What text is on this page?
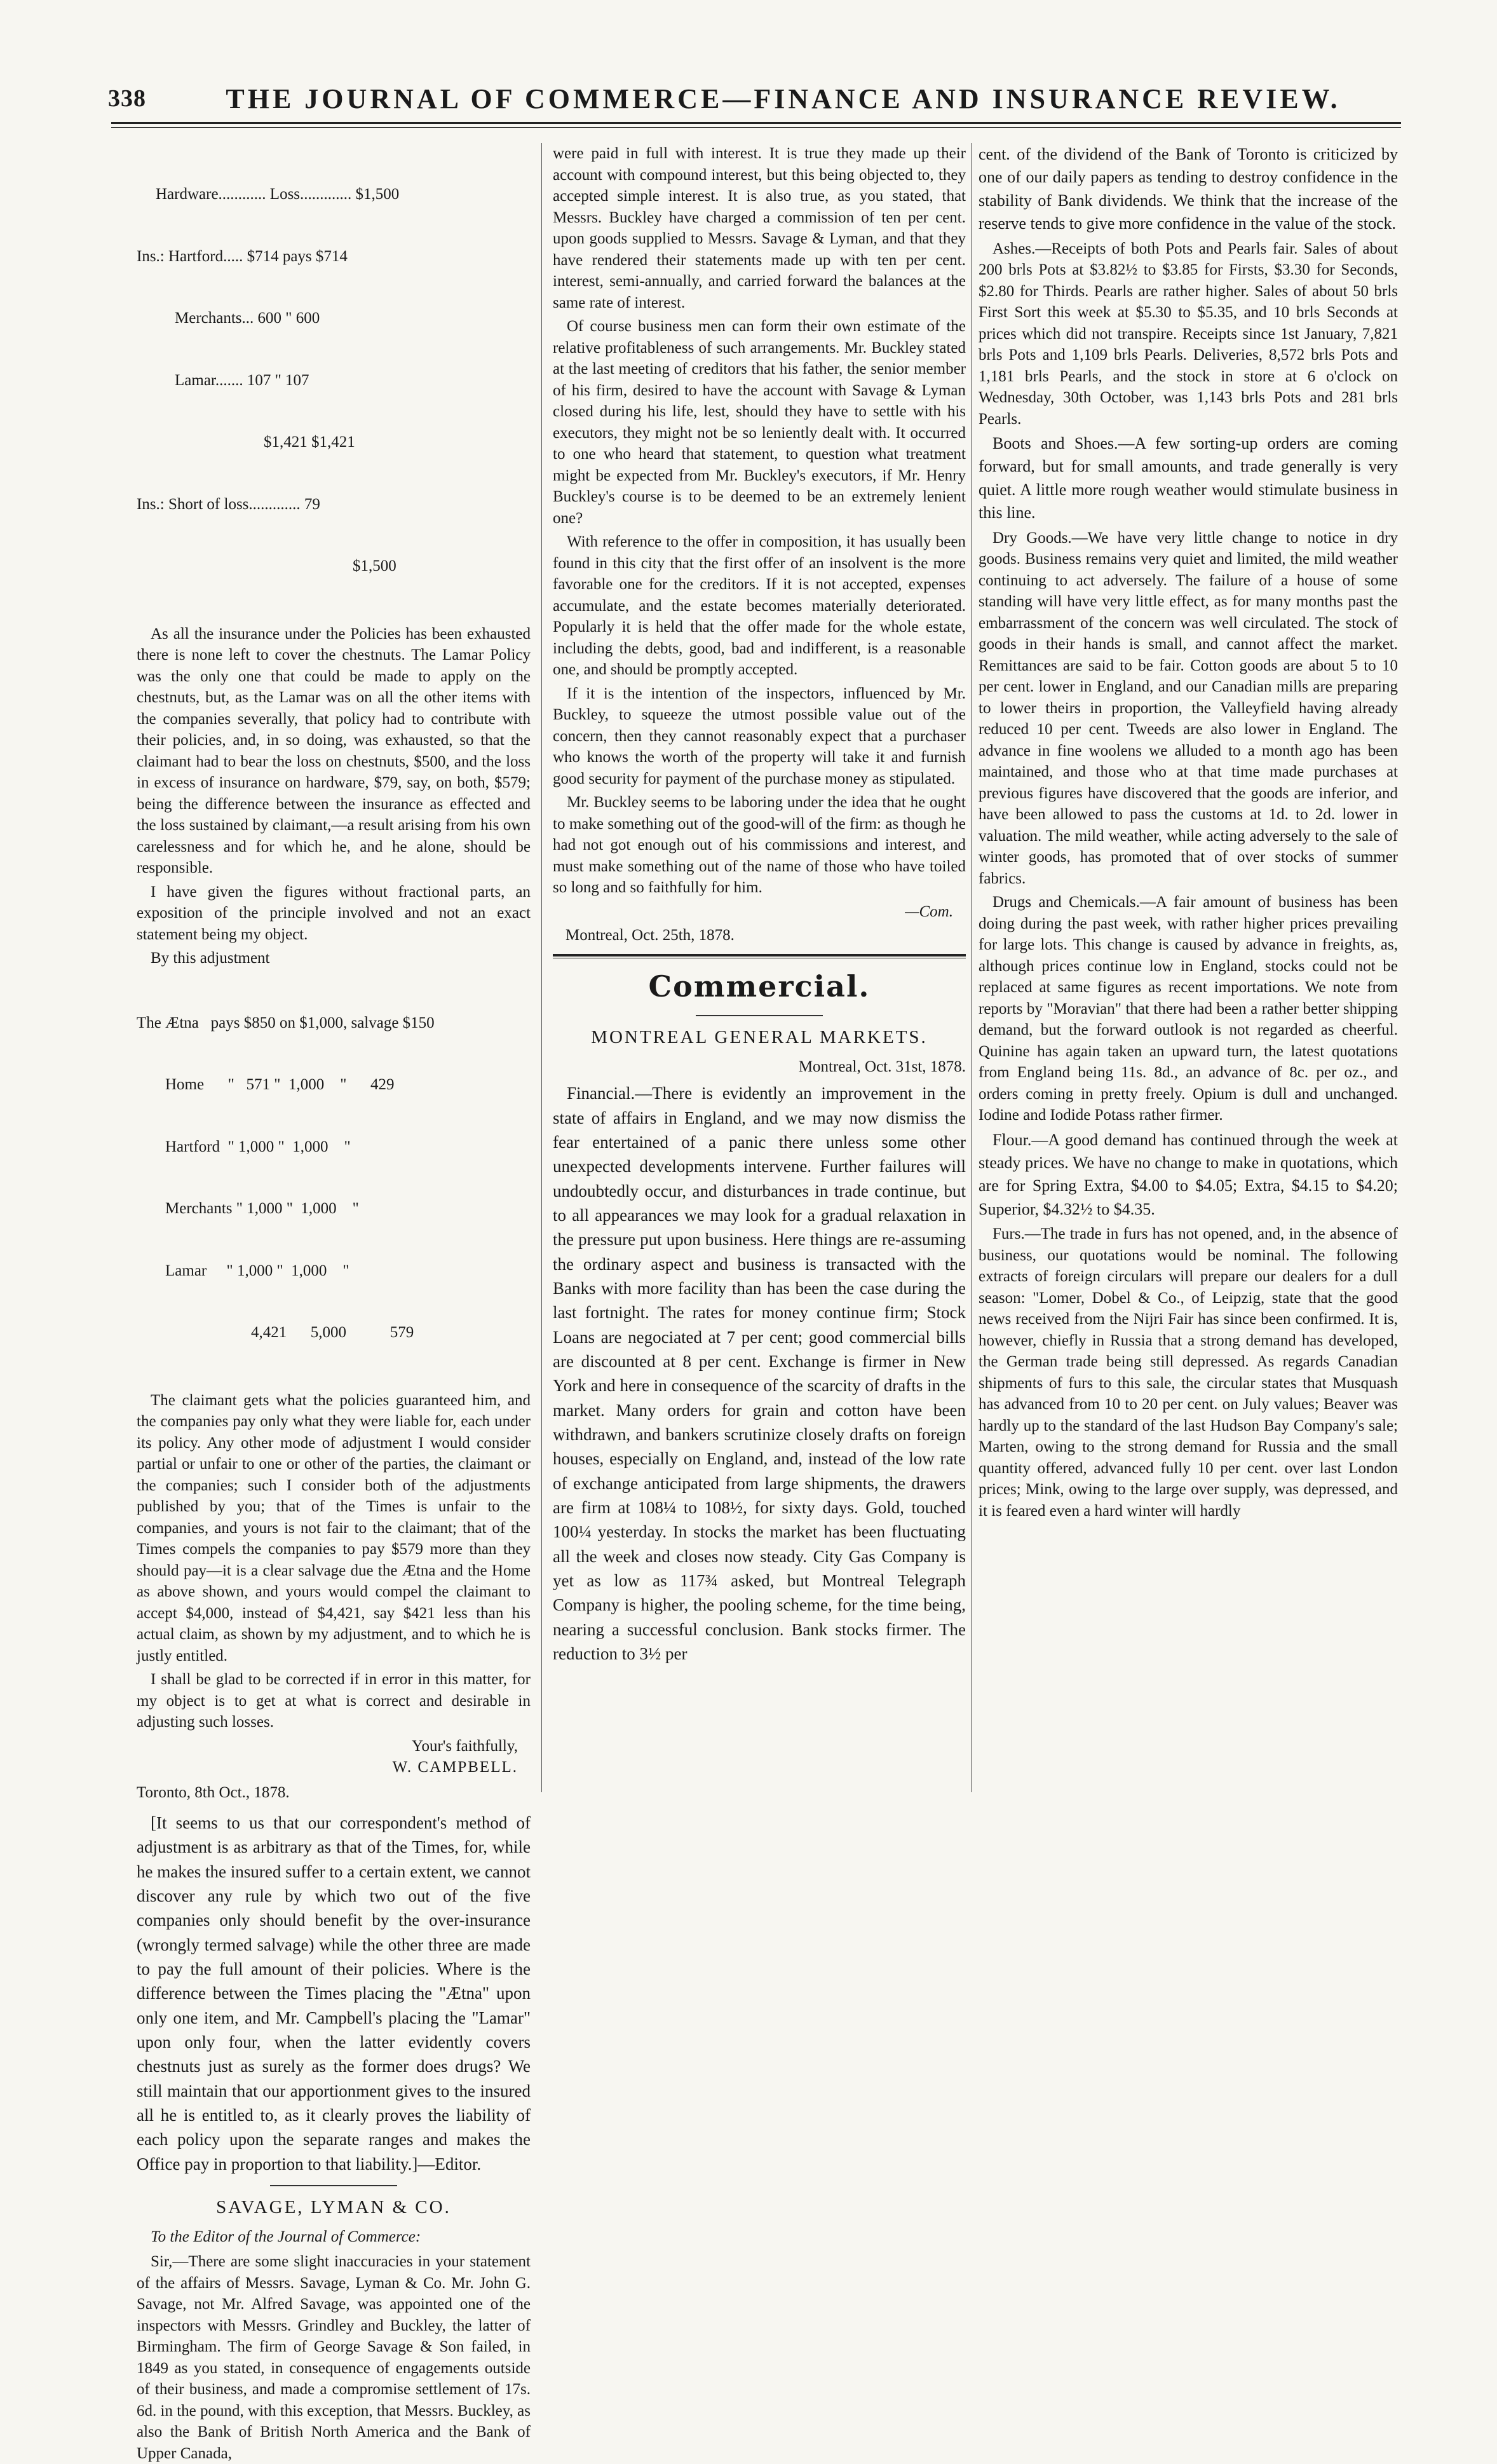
338	THE JOURNAL OF COMMERCE—FINANCE AND INSURANCE REVIEW.

Hardware............ Loss............. $1,500

Ins.: Hartford..... $714 pays $714

Merchants... 600 " 600

Lamar....... 107 " 107

$1,421 $1,421

Ins.: Short of loss............. 79

$1,500

As all the insurance under the Policies has been exhausted there is none left to cover the chestnuts. The Lamar Policy was the only one that could be made to apply on the chestnuts, but, as the Lamar was on all the other items with the companies severally, that policy had to contribute with their policies, and, in so doing, was exhausted, so that the claimant had to bear the loss on chestnuts, $500, and the loss in excess of insurance on hardware, $79, say, on both, $579; being the difference between the insurance as effected and the loss sustained by claimant,—a result arising from his own carelessness and for which he, and he alone, should be responsible.

I have given the figures without fractional parts, an exposition of the principle involved and not an exact statement being my object.

By this adjustment

The Ætna   pays $850 on $1,000, salvage $150

Home      "   571 "  1,000    "      429

Hartford  " 1,000 "  1,000    "

Merchants " 1,000 "  1,000    "

Lamar     " 1,000 "  1,000    "

4,421      5,000           579

The claimant gets what the policies guaranteed him, and the companies pay only what they were liable for, each under its policy. Any other mode of adjustment I would consider partial or unfair to one or other of the parties, the claimant or the companies; such I consider both of the adjustments published by you; that of the Times is unfair to the companies, and yours is not fair to the claimant; that of the Times compels the companies to pay $579 more than they should pay—it is a clear salvage due the Ætna and the Home as above shown, and yours would compel the claimant to accept $4,000, instead of $4,421, say $421 less than his actual claim, as shown by my adjustment, and to which he is justly entitled.

I shall be glad to be corrected if in error in this matter, for my object is to get at what is correct and desirable in adjusting such losses.

Your's faithfully,
W. CAMPBELL.

Toronto, 8th Oct., 1878.

[It seems to us that our correspondent's method of adjustment is as arbitrary as that of the Times, for, while he makes the insured suffer to a certain extent, we cannot discover any rule by which two out of the five companies only should benefit by the over-insurance (wrongly termed salvage) while the other three are made to pay the full amount of their policies. Where is the difference between the Times placing the "Ætna" upon only one item, and Mr. Campbell's placing the "Lamar" upon only four, when the latter evidently covers chestnuts just as surely as the former does drugs? We still maintain that our apportionment gives to the insured all he is entitled to, as it clearly proves the liability of each policy upon the separate ranges and makes the Office pay in proportion to that liability.]—Editor.

SAVAGE, LYMAN & CO.

To the Editor of the Journal of Commerce:

Sir,—There are some slight inaccuracies in your statement of the affairs of Messrs. Savage, Lyman & Co. Mr. John G. Savage, not Mr. Alfred Savage, was appointed one of the inspectors with Messrs. Grindley and Buckley, the latter of Birmingham. The firm of George Savage & Son failed, in 1849 as you stated, in consequence of engagements outside of their business, and made a compromise settlement of 17s. 6d. in the pound, with this exception, that Messrs. Buckley, as also the Bank of British North America and the Bank of Upper Canada,

were paid in full with interest. It is true they made up their account with compound interest, but this being objected to, they accepted simple interest. It is also true, as you stated, that Messrs. Buckley have charged a commission of ten per cent. upon goods supplied to Messrs. Savage & Lyman, and that they have rendered their statements made up with ten per cent. interest, semi-annually, and carried forward the balances at the same rate of interest.

Of course business men can form their own estimate of the relative profitableness of such arrangements. Mr. Buckley stated at the last meeting of creditors that his father, the senior member of his firm, desired to have the account with Savage & Lyman closed during his life, lest, should they have to settle with his executors, they might not be so leniently dealt with. It occurred to one who heard that statement, to question what treatment might be expected from Mr. Buckley's executors, if Mr. Henry Buckley's course is to be deemed to be an extremely lenient one?

With reference to the offer in composition, it has usually been found in this city that the first offer of an insolvent is the more favorable one for the creditors. If it is not accepted, expenses accumulate, and the estate becomes materially deteriorated. Popularly it is held that the offer made for the whole estate, including the debts, good, bad and indifferent, is a reasonable one, and should be promptly accepted.

If it is the intention of the inspectors, influenced by Mr. Buckley, to squeeze the utmost possible value out of the concern, then they cannot reasonably expect that a purchaser who knows the worth of the property will take it and furnish good security for payment of the purchase money as stipulated.

Mr. Buckley seems to be laboring under the idea that he ought to make something out of the good-will of the firm: as though he had not got enough out of his commissions and interest, and must make something out of the name of those who have toiled so long and so faithfully for him.

—Com.

Montreal, Oct. 25th, 1878.

Commercial.
MONTREAL GENERAL MARKETS.
Montreal, Oct. 31st, 1878.

Financial.—There is evidently an improvement in the state of affairs in England, and we may now dismiss the fear entertained of a panic there unless some other unexpected developments intervene. Further failures will undoubtedly occur, and disturbances in trade continue, but to all appearances we may look for a gradual relaxation in the pressure put upon business. Here things are re-assuming the ordinary aspect and business is transacted with the Banks with more facility than has been the case during the last fortnight. The rates for money continue firm; Stock Loans are negociated at 7 per cent; good commercial bills are discounted at 8 per cent. Exchange is firmer in New York and here in consequence of the scarcity of drafts in the market. Many orders for grain and cotton have been withdrawn, and bankers scrutinize closely drafts on foreign houses, especially on England, and, instead of the low rate of exchange anticipated from large shipments, the drawers are firm at 108¼ to 108½, for sixty days. Gold, touched 100¼ yesterday. In stocks the market has been fluctuating all the week and closes now steady. City Gas Company is yet as low as 117¾ asked, but Montreal Telegraph Company is higher, the pooling scheme, for the time being, nearing a successful conclusion. Bank stocks firmer. The reduction to 3½ per

cent. of the dividend of the Bank of Toronto is criticized by one of our daily papers as tending to destroy confidence in the stability of Bank dividends. We think that the increase of the reserve tends to give more confidence in the value of the stock.

Ashes.—Receipts of both Pots and Pearls fair. Sales of about 200 brls Pots at $3.82½ to $3.85 for Firsts, $3.30 for Seconds, $2.80 for Thirds. Pearls are rather higher. Sales of about 50 brls First Sort this week at $5.30 to $5.35, and 10 brls Seconds at prices which did not transpire. Receipts since 1st January, 7,821 brls Pots and 1,109 brls Pearls. Deliveries, 8,572 brls Pots and 1,181 brls Pearls, and the stock in store at 6 o'clock on Wednesday, 30th October, was 1,143 brls Pots and 281 brls Pearls.

Boots and Shoes.—A few sorting-up orders are coming forward, but for small amounts, and trade generally is very quiet. A little more rough weather would stimulate business in this line.

Dry Goods.—We have very little change to notice in dry goods. Business remains very quiet and limited, the mild weather continuing to act adversely. The failure of a house of some standing will have very little effect, as for many months past the embarrassment of the concern was well circulated. The stock of goods in their hands is small, and cannot affect the market. Remittances are said to be fair. Cotton goods are about 5 to 10 per cent. lower in England, and our Canadian mills are preparing to lower theirs in proportion, the Valleyfield having already reduced 10 per cent. Tweeds are also lower in England. The advance in fine woolens we alluded to a month ago has been maintained, and those who at that time made purchases at previous figures have discovered that the goods are inferior, and have been allowed to pass the customs at 1d. to 2d. lower in valuation. The mild weather, while acting adversely to the sale of winter goods, has promoted that of over stocks of summer fabrics.

Drugs and Chemicals.—A fair amount of business has been doing during the past week, with rather higher prices prevailing for large lots. This change is caused by advance in freights, as, although prices continue low in England, stocks could not be replaced at same figures as recent importations. We note from reports by "Moravian" that there had been a rather better shipping demand, but the forward outlook is not regarded as cheerful. Quinine has again taken an upward turn, the latest quotations from England being 11s. 8d., an advance of 8c. per oz., and orders coming in pretty freely. Opium is dull and unchanged. Iodine and Iodide Potass rather firmer.

Flour.—A good demand has continued through the week at steady prices. We have no change to make in quotations, which are for Spring Extra, $4.00 to $4.05; Extra, $4.15 to $4.20; Superior, $4.32½ to $4.35.

Furs.—The trade in furs has not opened, and, in the absence of business, our quotations would be nominal. The following extracts of foreign circulars will prepare our dealers for a dull season: "Lomer, Dobel & Co., of Leipzig, state that the good news received from the Nijri Fair has since been confirmed. It is, however, chiefly in Russia that a strong demand has developed, the German trade being still depressed. As regards Canadian shipments of furs to this sale, the circular states that Musquash has advanced from 10 to 20 per cent. on July values; Beaver was hardly up to the standard of the last Hudson Bay Company's sale; Marten, owing to the strong demand for Russia and the small quantity offered, advanced fully 10 per cent. over last London prices; Mink, owing to the large over supply, was depressed, and it is feared even a hard winter will hardly
